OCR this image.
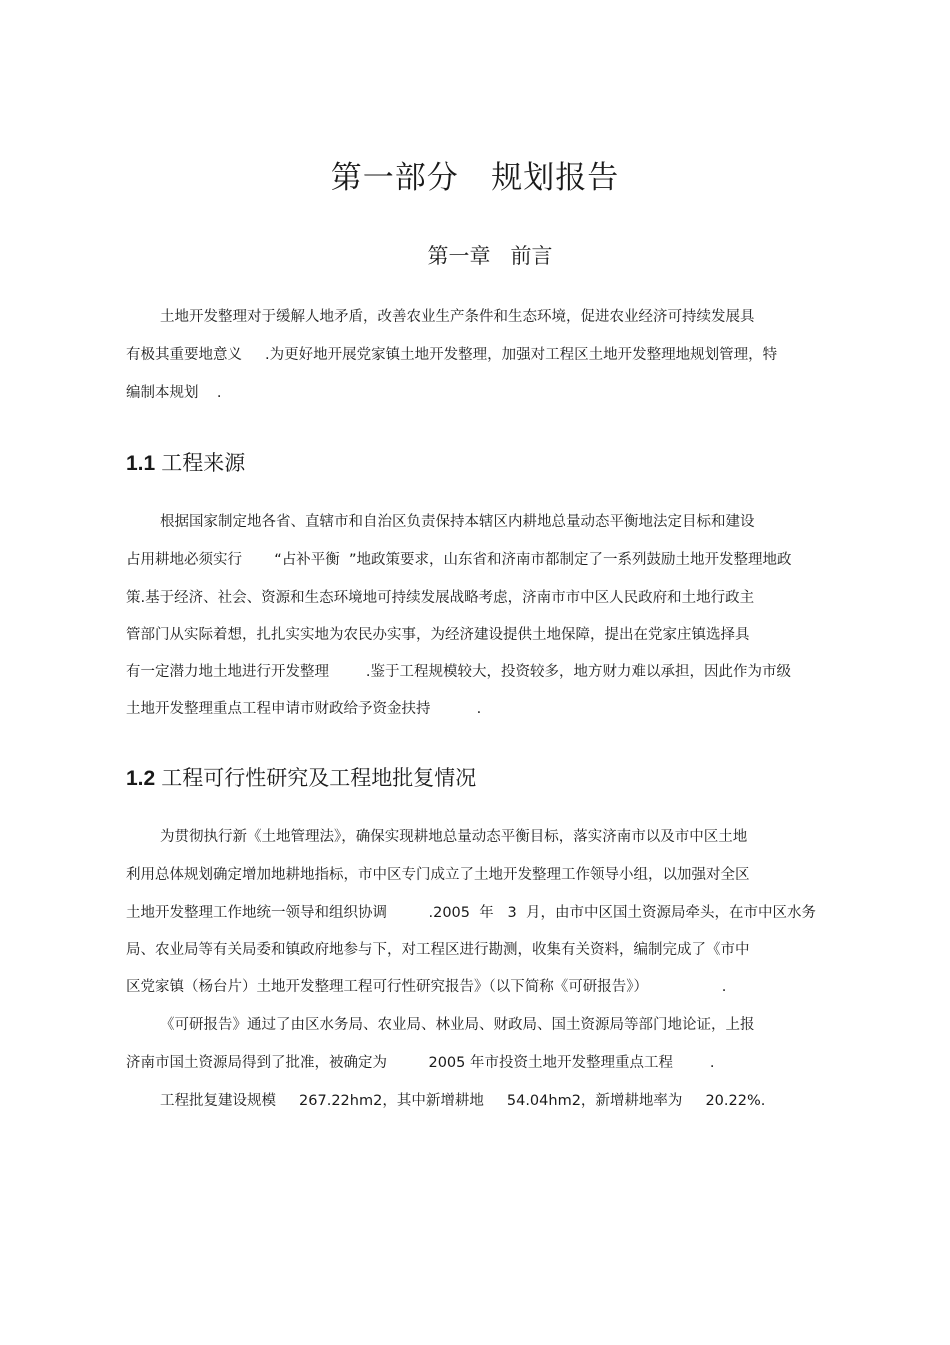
第一部分   规划报告
第一章   前言
土地开发整理对于缓解人地矛盾，改善农业生产条件和生态环境，促进农业经济可持续发展具
有极其重要地意义     .为更好地开展党家镇土地开发整理，加强对工程区土地开发整理地规划管理，特
编制本规划    .
1.1 工程来源
根据国家制定地各省、直辖市和自治区负责保持本辖区内耕地总量动态平衡地法定目标和建设
占用耕地必须实行       “占补平衡  ”地政策要求，山东省和济南市都制定了一系列鼓励土地开发整理地政
策.基于经济、社会、资源和生态环境地可持续发展战略考虑，济南市市中区人民政府和土地行政主
管部门从实际着想，扎扎实实地为农民办实事，为经济建设提供土地保障，提出在党家庄镇选择具
有一定潜力地土地进行开发整理        .鉴于工程规模较大，投资较多，地方财力难以承担，因此作为市级
土地开发整理重点工程申请市财政给予资金扶持          .
1.2 工程可行性研究及工程地批复情况
为贯彻执行新《土地管理法》，确保实现耕地总量动态平衡目标，落实济南市以及市中区土地
利用总体规划确定增加地耕地指标，市中区专门成立了土地开发整理工作领导小组，以加强对全区
土地开发整理工作地统一领导和组织协调         .2005  年   3  月，由市中区国土资源局牵头，在市中区水务
局、农业局等有关局委和镇政府地参与下，对工程区进行勘测，收集有关资料，编制完成了《市中
区党家镇（杨台片）土地开发整理工程可行性研究报告》（以下简称《可研报告》）                .
《可研报告》通过了由区水务局、农业局、林业局、财政局、国土资源局等部门地论证，上报
济南市国土资源局得到了批准，被确定为         2005 年市投资土地开发整理重点工程        .
工程批复建设规模     267.22hm2，其中新增耕地     54.04hm2，新增耕地率为     20.22%.
